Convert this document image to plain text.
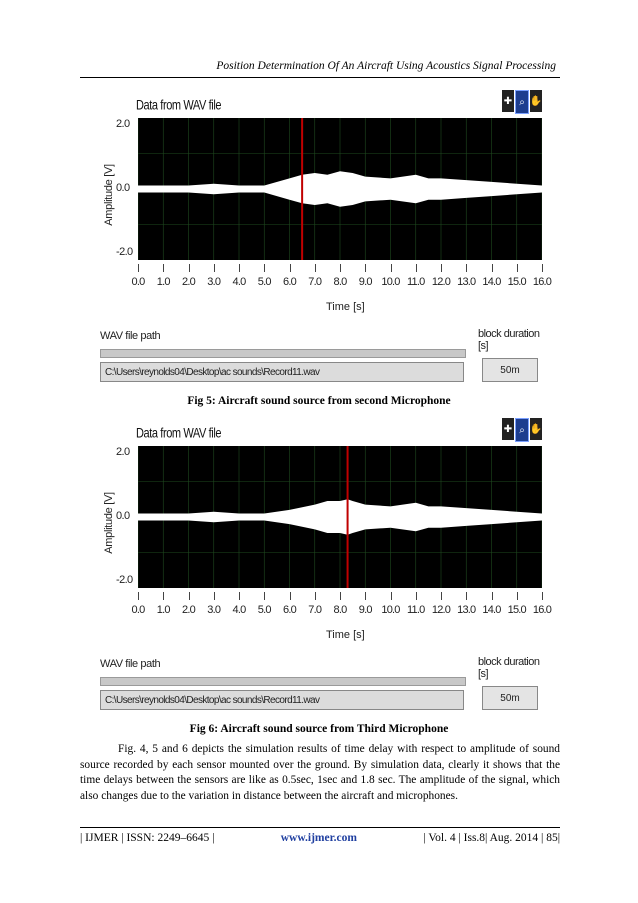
Position Determination Of An Aircraft Using Acoustics Signal Processing
Data from WAV file	✚ ⌕ ✋
Amplitude [V]
2.0
0.0
-2.0
0.0 1.0 2.0 3.0 4.0 5.0 6.0 7.0 8.0 9.0 10.0 11.0 12.0 13.0 14.0 15.0 16.0
Time [s]
WAV file path
C:\Users\reynolds04\Desktop\ac sounds\Record11.wav
block duration [s]
50m
Fig 5: Aircraft sound source from second Microphone
Data from WAV file	✚ ⌕ ✋
Amplitude [V]
2.0
0.0
-2.0
0.0 1.0 2.0 3.0 4.0 5.0 6.0 7.0 8.0 9.0 10.0 11.0 12.0 13.0 14.0 15.0 16.0
Time [s]
WAV file path
C:\Users\reynolds04\Desktop\ac sounds\Record11.wav
block duration [s]
50m
Fig 6: Aircraft sound source from Third Microphone

Fig. 4, 5 and 6 depicts the simulation results of time delay with respect to amplitude of sound source recorded by each sensor mounted over the ground. By simulation data, clearly it shows that the time delays between the sensors are like as 0.5sec, 1sec and 1.8 sec. The amplitude of the signal, which also changes due to the variation in distance between the aircraft and microphones.

| IJMER | ISSN: 2249–6645 |	www.ijmer.com	| Vol. 4 | Iss.8| Aug. 2014 | 85|
